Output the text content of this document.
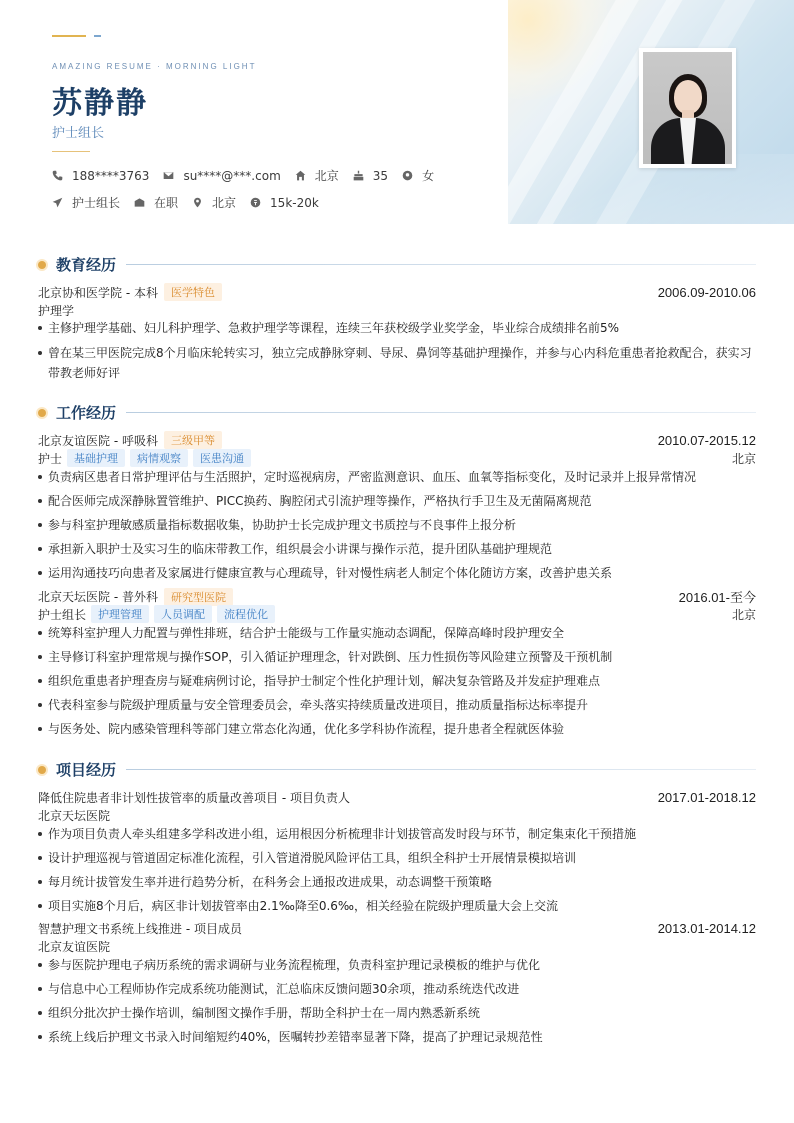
AMAZING RESUME · MORNING LIGHT
苏静静
护士组长
188****3763	su****@***.com	北京	35	女
护士组长	在职	北京	15k-20k
教育经历
北京协和医学院 - 本科	医学特色	2006.09-2010.06
护理学
主修护理学基础、妇儿科护理学、急救护理学等课程，连续三年获校级学业奖学金，毕业综合成绩排名前5%
曾在某三甲医院完成8个月临床轮转实习，独立完成静脉穿刺、导尿、鼻饲等基础护理操作，并参与心内科危重患者抢救配合，获实习带教老师好评
工作经历
北京友谊医院 - 呼吸科	三级甲等	2010.07-2015.12
护士	基础护理	病情观察	医患沟通	北京
负责病区患者日常护理评估与生活照护，定时巡视病房，严密监测意识、血压、血氧等指标变化，及时记录并上报异常情况
配合医师完成深静脉置管维护、PICC换药、胸腔闭式引流护理等操作，严格执行手卫生及无菌隔离规范
参与科室护理敏感质量指标数据收集，协助护士长完成护理文书质控与不良事件上报分析
承担新入职护士及实习生的临床带教工作，组织晨会小讲课与操作示范，提升团队基础护理规范
运用沟通技巧向患者及家属进行健康宣教与心理疏导，针对慢性病老人制定个体化随访方案，改善护患关系
北京天坛医院 - 普外科	研究型医院	2016.01-至今
护士组长	护理管理	人员调配	流程优化	北京
统筹科室护理人力配置与弹性排班，结合护士能级与工作量实施动态调配，保障高峰时段护理安全
主导修订科室护理常规与操作SOP，引入循证护理理念，针对跌倒、压力性损伤等风险建立预警及干预机制
组织危重患者护理查房与疑难病例讨论，指导护士制定个性化护理计划，解决复杂管路及并发症护理难点
代表科室参与院级护理质量与安全管理委员会，牵头落实持续质量改进项目，推动质量指标达标率提升
与医务处、院内感染管理科等部门建立常态化沟通，优化多学科协作流程，提升患者全程就医体验
项目经历
降低住院患者非计划性拔管率的质量改善项目 - 项目负责人	2017.01-2018.12
北京天坛医院
作为项目负责人牵头组建多学科改进小组，运用根因分析梳理非计划拔管高发时段与环节，制定集束化干预措施
设计护理巡视与管道固定标准化流程，引入管道滑脱风险评估工具，组织全科护士开展情景模拟培训
每月统计拔管发生率并进行趋势分析，在科务会上通报改进成果，动态调整干预策略
项目实施8个月后，病区非计划拔管率由2.1‰降至0.6‰，相关经验在院级护理质量大会上交流
智慧护理文书系统上线推进 - 项目成员	2013.01-2014.12
北京友谊医院
参与医院护理电子病历系统的需求调研与业务流程梳理，负责科室护理记录模板的维护与优化
与信息中心工程师协作完成系统功能测试，汇总临床反馈问题30余项，推动系统迭代改进
组织分批次护士操作培训，编制图文操作手册，帮助全科护士在一周内熟悉新系统
系统上线后护理文书录入时间缩短约40%，医嘱转抄差错率显著下降，提高了护理记录规范性
